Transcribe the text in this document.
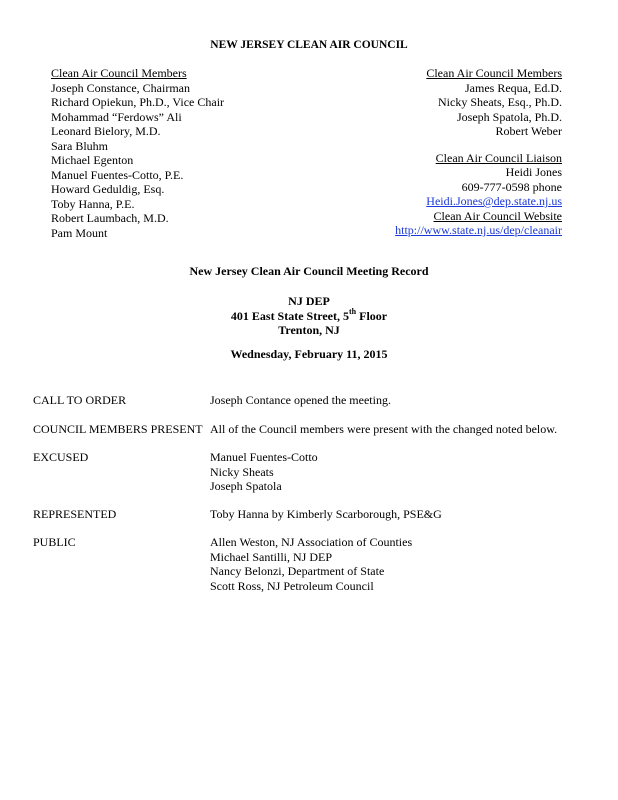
NEW JERSEY CLEAN AIR COUNCIL
Clean Air Council Members
Joseph Constance, Chairman
Richard Opiekun, Ph.D., Vice Chair
Mohammad “Ferdows” Ali
Leonard Bielory, M.D.
Sara Bluhm
Michael Egenton
Manuel Fuentes-Cotto, P.E.
Howard Geduldig, Esq.
Toby Hanna, P.E.
Robert Laumbach, M.D.
Pam Mount
Clean Air Council Members
James Requa, Ed.D.
Nicky Sheats, Esq., Ph.D.
Joseph Spatola, Ph.D.
Robert Weber
Clean Air Council Liaison
Heidi Jones
609-777-0598 phone
Heidi.Jones@dep.state.nj.us
Clean Air Council Website
http://www.state.nj.us/dep/cleanair
New Jersey Clean Air Council Meeting Record
NJ DEP
401 East State Street, 5th Floor
Trenton, NJ
Wednesday, February 11, 2015
CALL TO ORDER	Joseph Contance opened the meeting.
COUNCIL MEMBERS PRESENT All of the Council members were present with the changed noted below.
EXCUSED	Manuel Fuentes-Cotto
Nicky Sheats
Joseph Spatola
REPRESENTED	Toby Hanna by Kimberly Scarborough, PSE&G
PUBLIC	Allen Weston, NJ Association of Counties
Michael Santilli, NJ DEP
Nancy Belonzi, Department of State
Scott Ross, NJ Petroleum Council
